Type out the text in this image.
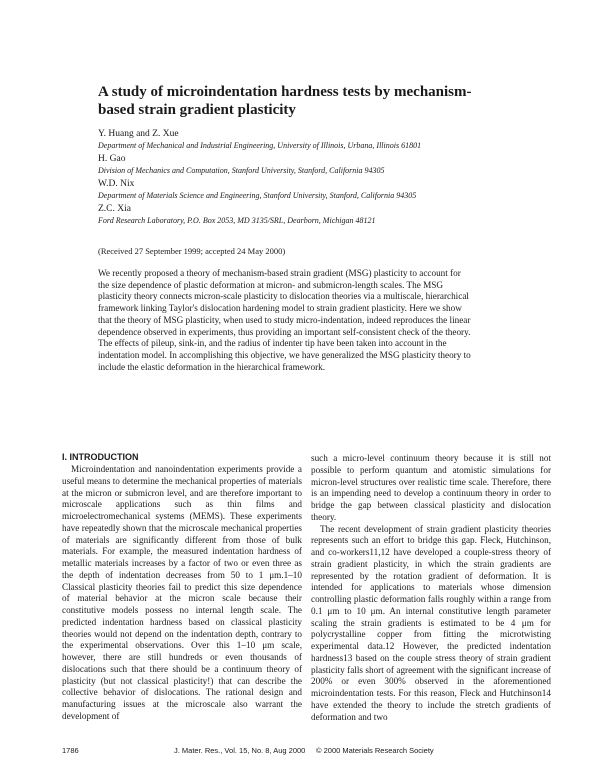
A study of microindentation hardness tests by mechanism-based strain gradient plasticity
Y. Huang and Z. Xue
Department of Mechanical and Industrial Engineering, University of Illinois, Urbana, Illinois 61801
H. Gao
Division of Mechanics and Computation, Stanford University, Stanford, California 94305
W.D. Nix
Department of Materials Science and Engineering, Stanford University, Stanford, California 94305
Z.C. Xia
Ford Research Laboratory, P.O. Box 2053, MD 3135/SRL, Dearborn, Michigan 48121
(Received 27 September 1999; accepted 24 May 2000)
We recently proposed a theory of mechanism-based strain gradient (MSG) plasticity to account for the size dependence of plastic deformation at micron- and submicron-length scales. The MSG plasticity theory connects micron-scale plasticity to dislocation theories via a multiscale, hierarchical framework linking Taylor's dislocation hardening model to strain gradient plasticity. Here we show that the theory of MSG plasticity, when used to study micro-indentation, indeed reproduces the linear dependence observed in experiments, thus providing an important self-consistent check of the theory. The effects of pileup, sink-in, and the radius of indenter tip have been taken into account in the indentation model. In accomplishing this objective, we have generalized the MSG plasticity theory to include the elastic deformation in the hierarchical framework.
I. INTRODUCTION

Microindentation and nanoindentation experiments provide a useful means to determine the mechanical properties of materials at the micron or submicron level, and are therefore important to microscale applications such as thin films and microelectromechanical systems (MEMS). These experiments have repeatedly shown that the microscale mechanical properties of materials are significantly different from those of bulk materials. For example, the measured indentation hardness of metallic materials increases by a factor of two or even three as the depth of indentation decreases from 50 to 1 μm.1–10 Classical plasticity theories fail to predict this size dependence of material behavior at the micron scale because their constitutive models possess no internal length scale. The predicted indentation hardness based on classical plasticity theories would not depend on the indentation depth, contrary to the experimental observations. Over this 1–10 μm scale, however, there are still hundreds or even thousands of dislocations such that there should be a continuum theory of plasticity (but not classical plasticity!) that can describe the collective behavior of dislocations. The rational design and manufacturing issues at the microscale also warrant the development of

such a micro-level continuum theory because it is still not possible to perform quantum and atomistic simulations for micron-level structures over realistic time scale. Therefore, there is an impending need to develop a continuum theory in order to bridge the gap between classical plasticity and dislocation theory.

The recent development of strain gradient plasticity theories represents such an effort to bridge this gap. Fleck, Hutchinson, and co-workers11,12 have developed a couple-stress theory of strain gradient plasticity, in which the strain gradients are represented by the rotation gradient of deformation. It is intended for applications to materials whose dimension controlling plastic deformation falls roughly within a range from 0.1 μm to 10 μm. An internal constitutive length parameter scaling the strain gradients is estimated to be 4 μm for polycrystalline copper from fitting the microtwisting experimental data.12 However, the predicted indentation hardness13 based on the couple stress theory of strain gradient plasticity falls short of agreement with the significant increase of 200% or even 300% observed in the aforementioned microindentation tests. For this reason, Fleck and Hutchinson14 have extended the theory to include the stretch gradients of deformation and two

1786	J. Mater. Res., Vol. 15, No. 8, Aug 2000 © 2000 Materials Research Society
